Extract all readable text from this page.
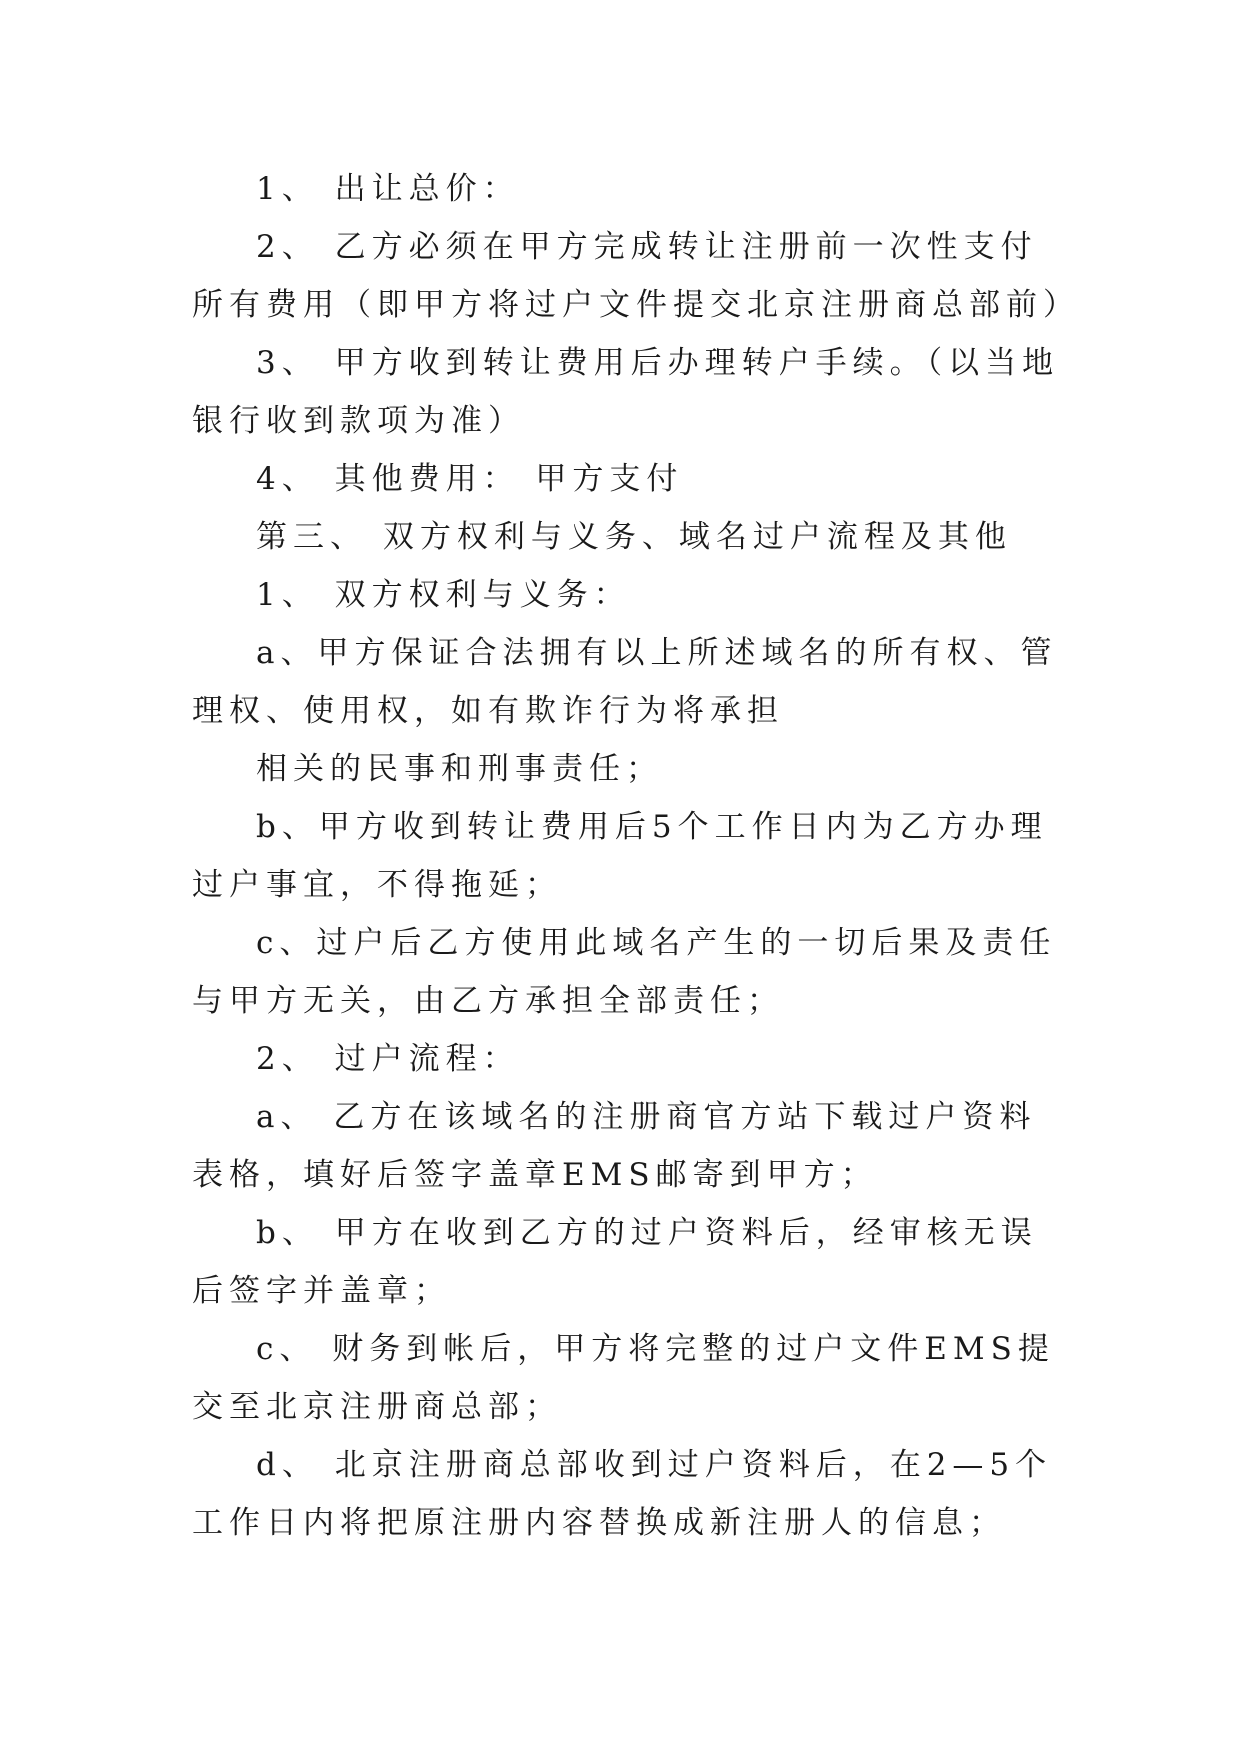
1、 出让总价：

2、 乙方必须在甲方完成转让注册前一次性支付所有费用（即甲方将过户文件提交北京注册商总部前）

3、 甲方收到转让费用后办理转户手续。（以当地银行收到款项为准）

4、 其他费用： 甲方支付

第三、 双方权利与义务、域名过户流程及其他

1、 双方权利与义务：

a、甲方保证合法拥有以上所述域名的所有权、管理权、使用权，如有欺诈行为将承担

相关的民事和刑事责任；

b、甲方收到转让费用后5个工作日内为乙方办理过户事宜，不得拖延；

c、过户后乙方使用此域名产生的一切后果及责任与甲方无关，由乙方承担全部责任；

2、 过户流程：

a、 乙方在该域名的注册商官方站下载过户资料表格，填好后签字盖章EMS邮寄到甲方；

b、 甲方在收到乙方的过户资料后，经审核无误后签字并盖章；

c、 财务到帐后，甲方将完整的过户文件EMS提交至北京注册商总部；

d、 北京注册商总部收到过户资料后，在2—5个工作日内将把原注册内容替换成新注册人的信息；
